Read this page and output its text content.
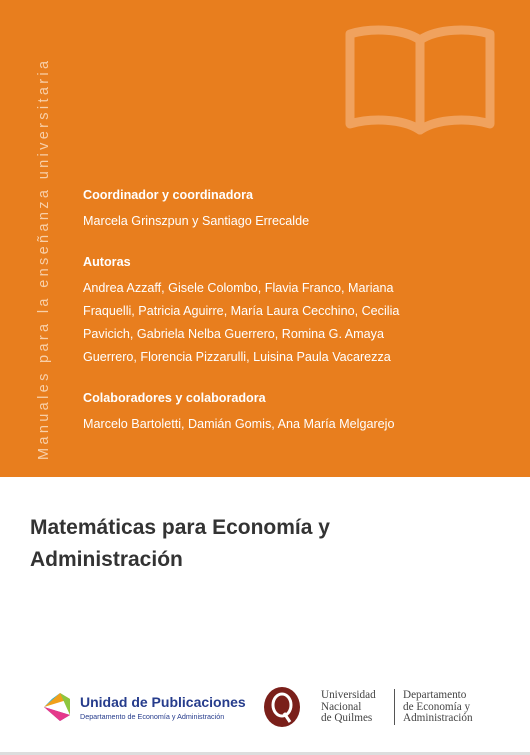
Manuales para la enseñanza universitaria Coordinador y coordinadora
Marcela Grinszpun y Santiago Errecalde
Autoras
Andrea Azzaff, Gisele Colombo, Flavia Franco, Mariana
Fraquelli, Patricia Aguirre, María Laura Cecchino, Cecilia
Pavicich, Gabriela Nelba Guerrero, Romina G. Amaya
Guerrero, Florencia Pizzarulli, Luisina Paula Vacarezza
Colaboradores y colaboradora
Marcelo Bartoletti, Damián Gomis, Ana María Melgarejo
Matemáticas para Economía y
Administración
Unidad de Publicaciones
Departamento de Economía y Administración
Universidad
Nacional
de Quilmes
Departamento
de Economía y
Administración
